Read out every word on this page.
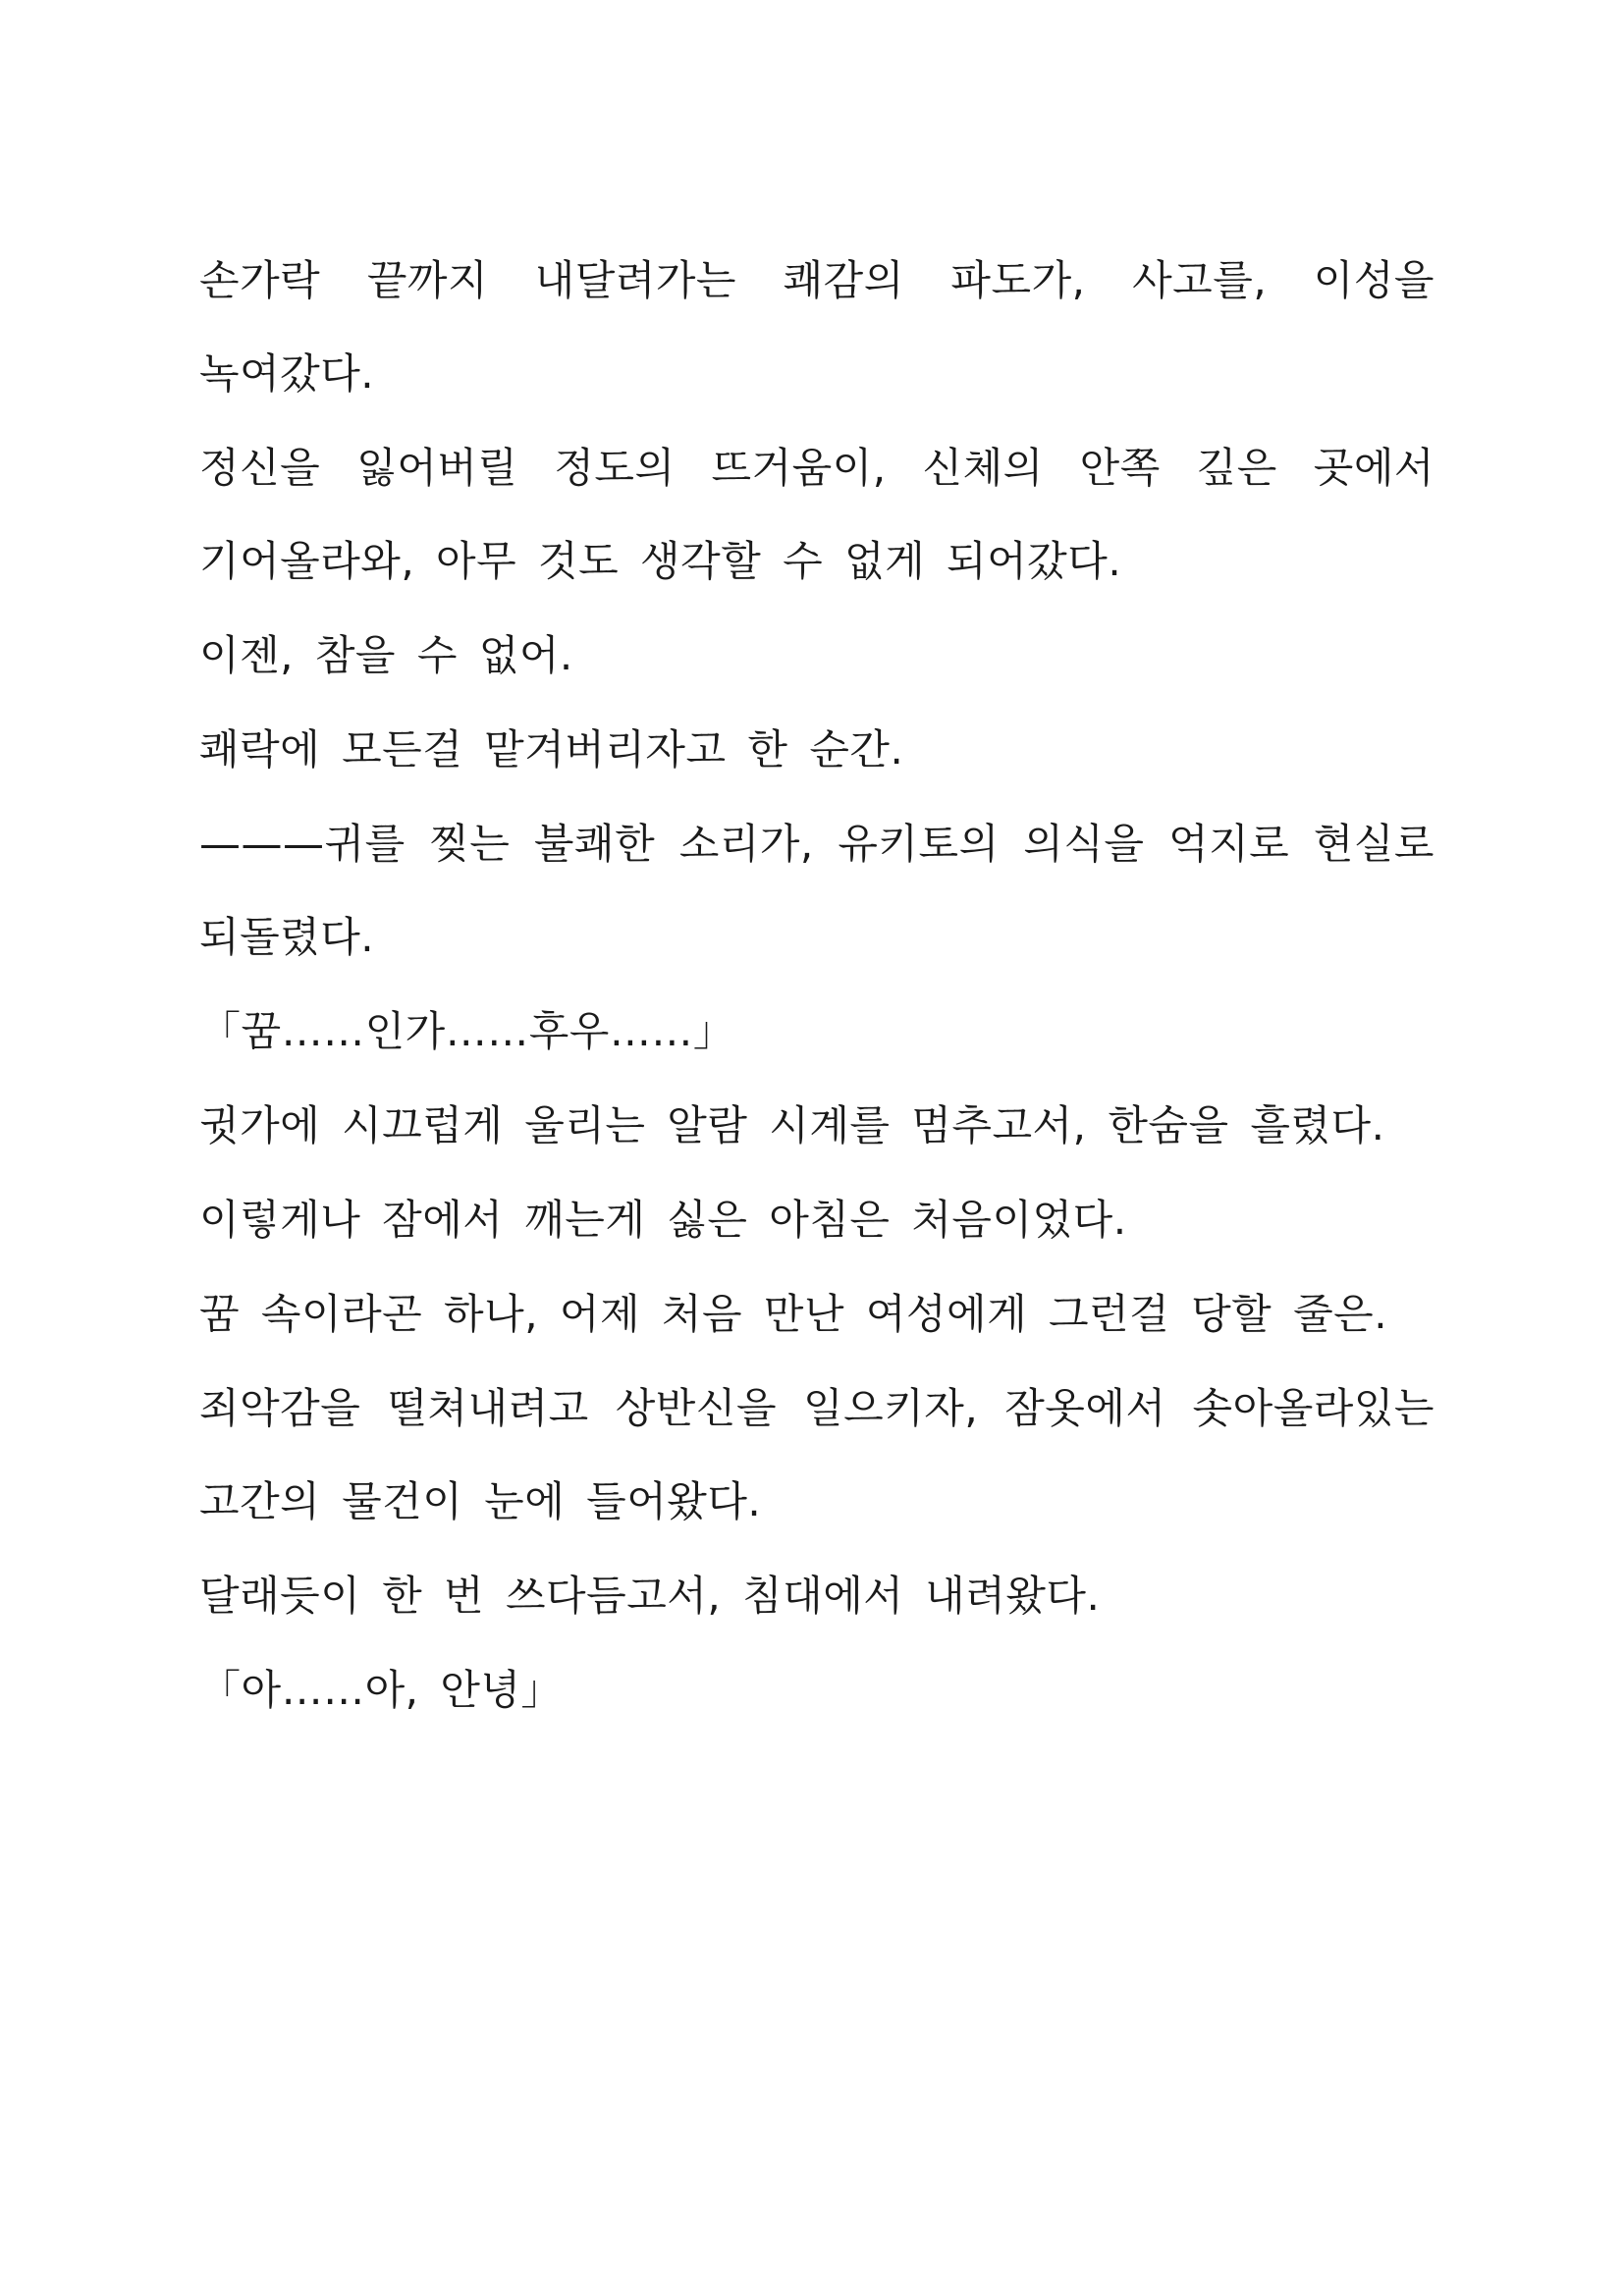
손가락 끝까지 내달려가는 쾌감의 파도가, 사고를, 이성을 녹여갔다.

정신을 잃어버릴 정도의 뜨거움이, 신체의 안쪽 깊은 곳에서 기어올라와, 아무 것도 생각할 수 없게 되어갔다.

이젠, 참을 수 없어.

쾌락에 모든걸 맡겨버리자고 한 순간.

———귀를 찢는 불쾌한 소리가, 유키토의 의식을 억지로 현실로 되돌렸다.

「꿈……인가……후우……」

귓가에 시끄럽게 울리는 알람 시계를 멈추고서, 한숨을 흘렸다.

이렇게나 잠에서 깨는게 싫은 아침은 처음이었다.

꿈 속이라곤 하나, 어제 처음 만난 여성에게 그런걸 당할 줄은.

죄악감을 떨쳐내려고 상반신을 일으키자, 잠옷에서 솟아올라있는 고간의 물건이 눈에 들어왔다.

달래듯이 한 번 쓰다듬고서, 침대에서 내려왔다.

「아……아, 안녕」
